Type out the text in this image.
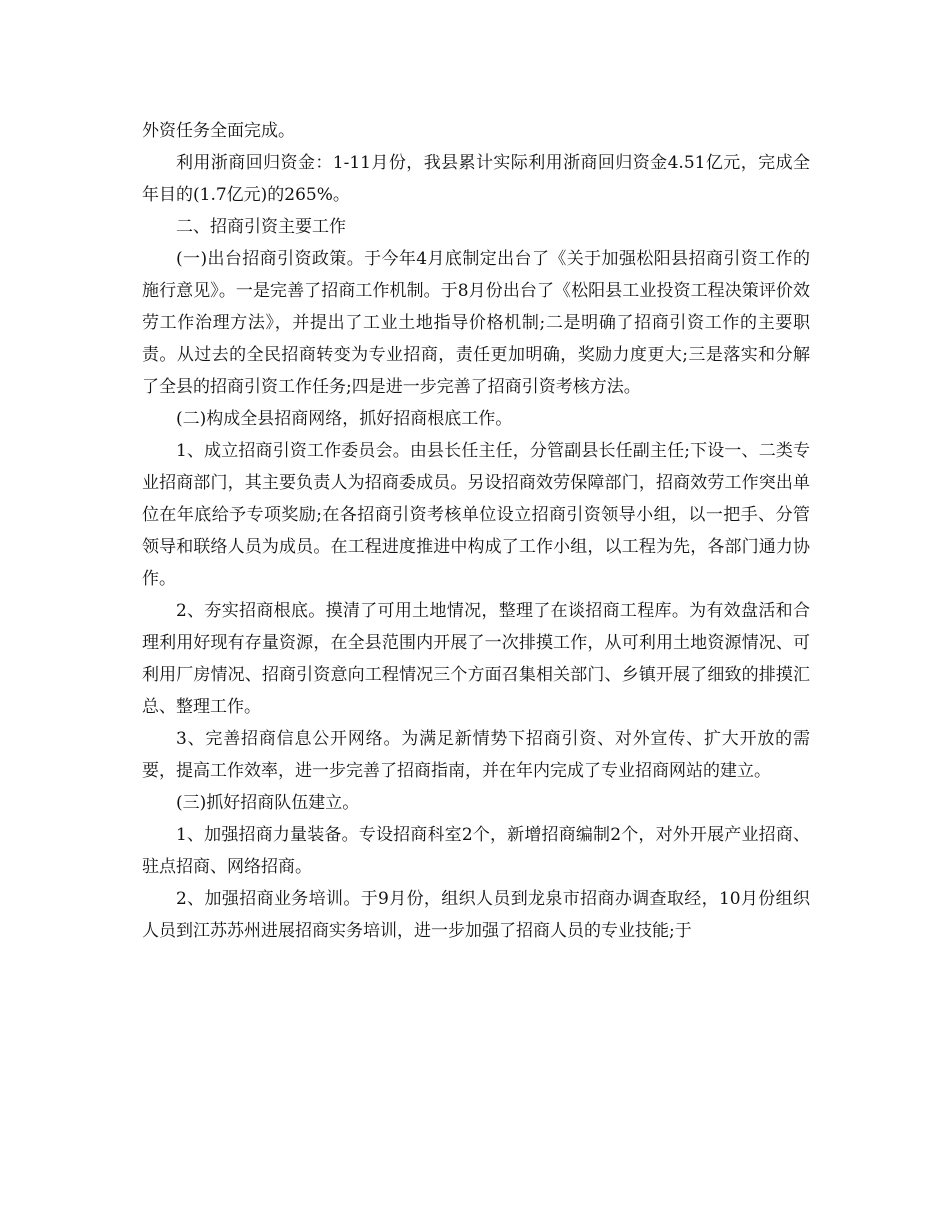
外资任务全面完成。

利用浙商回归资金：1-11月份，我县累计实际利用浙商回归资金4.51亿元，完成全年目的(1.7亿元)的265%。

二、招商引资主要工作

(一)出台招商引资政策。于今年4月底制定出台了《关于加强松阳县招商引资工作的施行意见》。一是完善了招商工作机制。于8月份出台了《松阳县工业投资工程决策评价效劳工作治理方法》，并提出了工业土地指导价格机制;二是明确了招商引资工作的主要职责。从过去的全民招商转变为专业招商，责任更加明确，奖励力度更大;三是落实和分解了全县的招商引资工作任务;四是进一步完善了招商引资考核方法。

(二)构成全县招商网络，抓好招商根底工作。

1、成立招商引资工作委员会。由县长任主任，分管副县长任副主任;下设一、二类专业招商部门，其主要负责人为招商委成员。另设招商效劳保障部门，招商效劳工作突出单位在年底给予专项奖励;在各招商引资考核单位设立招商引资领导小组，以一把手、分管领导和联络人员为成员。在工程进度推进中构成了工作小组，以工程为先，各部门通力协作。

2、夯实招商根底。摸清了可用土地情况，整理了在谈招商工程库。为有效盘活和合理利用好现有存量资源，在全县范围内开展了一次排摸工作，从可利用土地资源情况、可利用厂房情况、招商引资意向工程情况三个方面召集相关部门、乡镇开展了细致的排摸汇总、整理工作。

3、完善招商信息公开网络。为满足新情势下招商引资、对外宣传、扩大开放的需要，提高工作效率，进一步完善了招商指南，并在年内完成了专业招商网站的建立。

(三)抓好招商队伍建立。

1、加强招商力量装备。专设招商科室2个，新增招商编制2个，对外开展产业招商、驻点招商、网络招商。

2、加强招商业务培训。于9月份，组织人员到龙泉市招商办调查取经，10月份组织人员到江苏苏州进展招商实务培训，进一步加强了招商人员的专业技能;于
